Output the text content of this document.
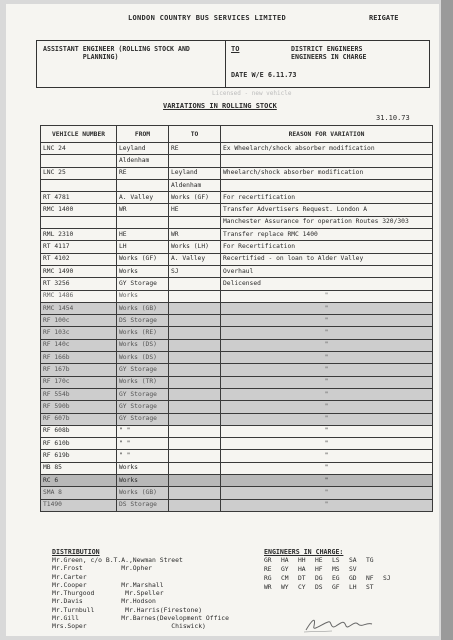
LONDON COUNTRY BUS SERVICES LIMITED	REIGATE
ASSISTANT ENGINEER (ROLLING STOCK AND
PLANNING)
TO	DISTRICT ENGINEERS
ENGINEERS IN CHARGE
DATE W/E 6.11.73
Licensed - new vehicle
VARIATIONS IN ROLLING STOCK
31.10.73
VEHICLE NUMBER	FROM	TO	REASON FOR VARIATION
LNC 24	Leyland	RE	Ex Wheelarch/shock absorber modification
	Aldenham		
LNC 25	RE	Leyland	Wheelarch/shock absorber modification
		Aldenham	
RT 4781	A. Valley	Works (GF)	For recertification
RMC 1400	WR	HE	Transfer Advertisers Request. London A
			Manchester Assurance for operation Routes 320/303
RML 2310	HE	WR	Transfer replace RMC 1400
RT 4117	LH	Works (LH)	For Recertification
RT 4102	Works (GF)	A. Valley	Recertified - on loan to Alder Valley
RMC 1490	Works	SJ	Overhaul
RT 3256	GY Storage		Delicensed
RMC 1486	Works		"
RMC 1454	Works (GB)		"
RF 100c	DS Storage		"
RF 103c	Works (RE)		"
RF 140c	Works (DS)		"
RF 166b	Works (DS)		"
RF 167b	GY Storage		"
RF 170c	Works (TR)		"
RF 554b	GY Storage		"
RF 590b	GY Storage		"
RF 607b	GY Storage		"
RF 608b	" "		"
RF 610b	" "		"
RF 619b	" "		"
MB 85	Works		"
RC 6	Works		"
SMA 8	Works (GB)		"
T1490	DS Storage		"
DISTRIBUTION
Mr.Green, c/o B.T.A.,Newman Street
Mr.Frost          Mr.Opher
Mr.Carter
Mr.Cooper         Mr.Marshall
Mr.Thurgood        Mr.Speller
Mr.Davis          Mr.Hodson
Mr.Turnbull        Mr.Harris(Firestone)
Mr.Gill           Mr.Barnes(Development Office
Mrs.Soper                      Chiswick)
ENGINEERS IN CHARGE:
GR HA HH HE LS SA TG
RE GY HA HF MS SV
RG CM DT DG EG GD NF SJ
WR WY CY DS GF LH ST
